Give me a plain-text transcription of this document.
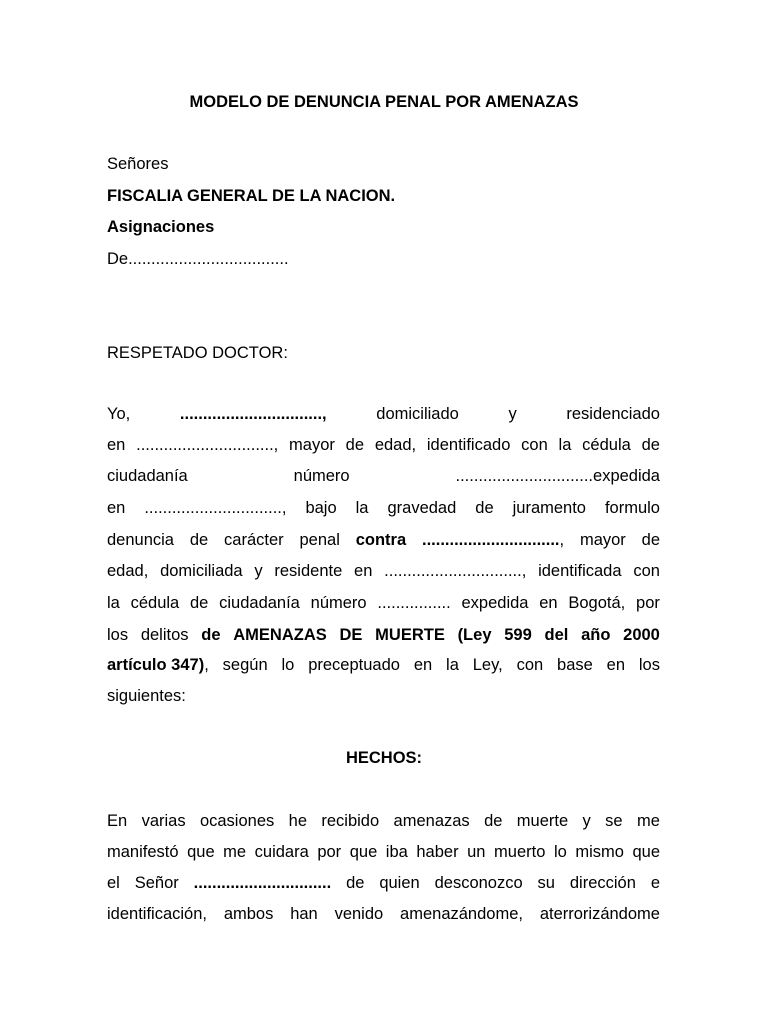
MODELO DE DENUNCIA PENAL POR AMENAZAS
Señores
FISCALIA GENERAL DE LA NACION.
Asignaciones
De...................................
RESPETADO DOCTOR:
Yo,	...............................,	domiciliado	y	residenciado
en .............................., mayor de edad, identificado con la cédula de
ciudadanía	número	..............................expedida
en .............................., bajo la gravedad de juramento formulo
denuncia de carácter penal contra .............................., mayor de
edad, domiciliada y residente en .............................., identificada con
la cédula de ciudadanía número ................ expedida en Bogotá, por
los delitos de AMENAZAS DE MUERTE (Ley 599 del año 2000
artículo 347), según lo preceptuado en la Ley, con base en los
siguientes:
HECHOS:
En varias ocasiones he recibido amenazas de muerte y se me
manifestó que me cuidara por que iba haber un muerto lo mismo que
el Señor .............................. de quien desconozco su dirección e
identificación, ambos han venido amenazándome, aterrorizándome
